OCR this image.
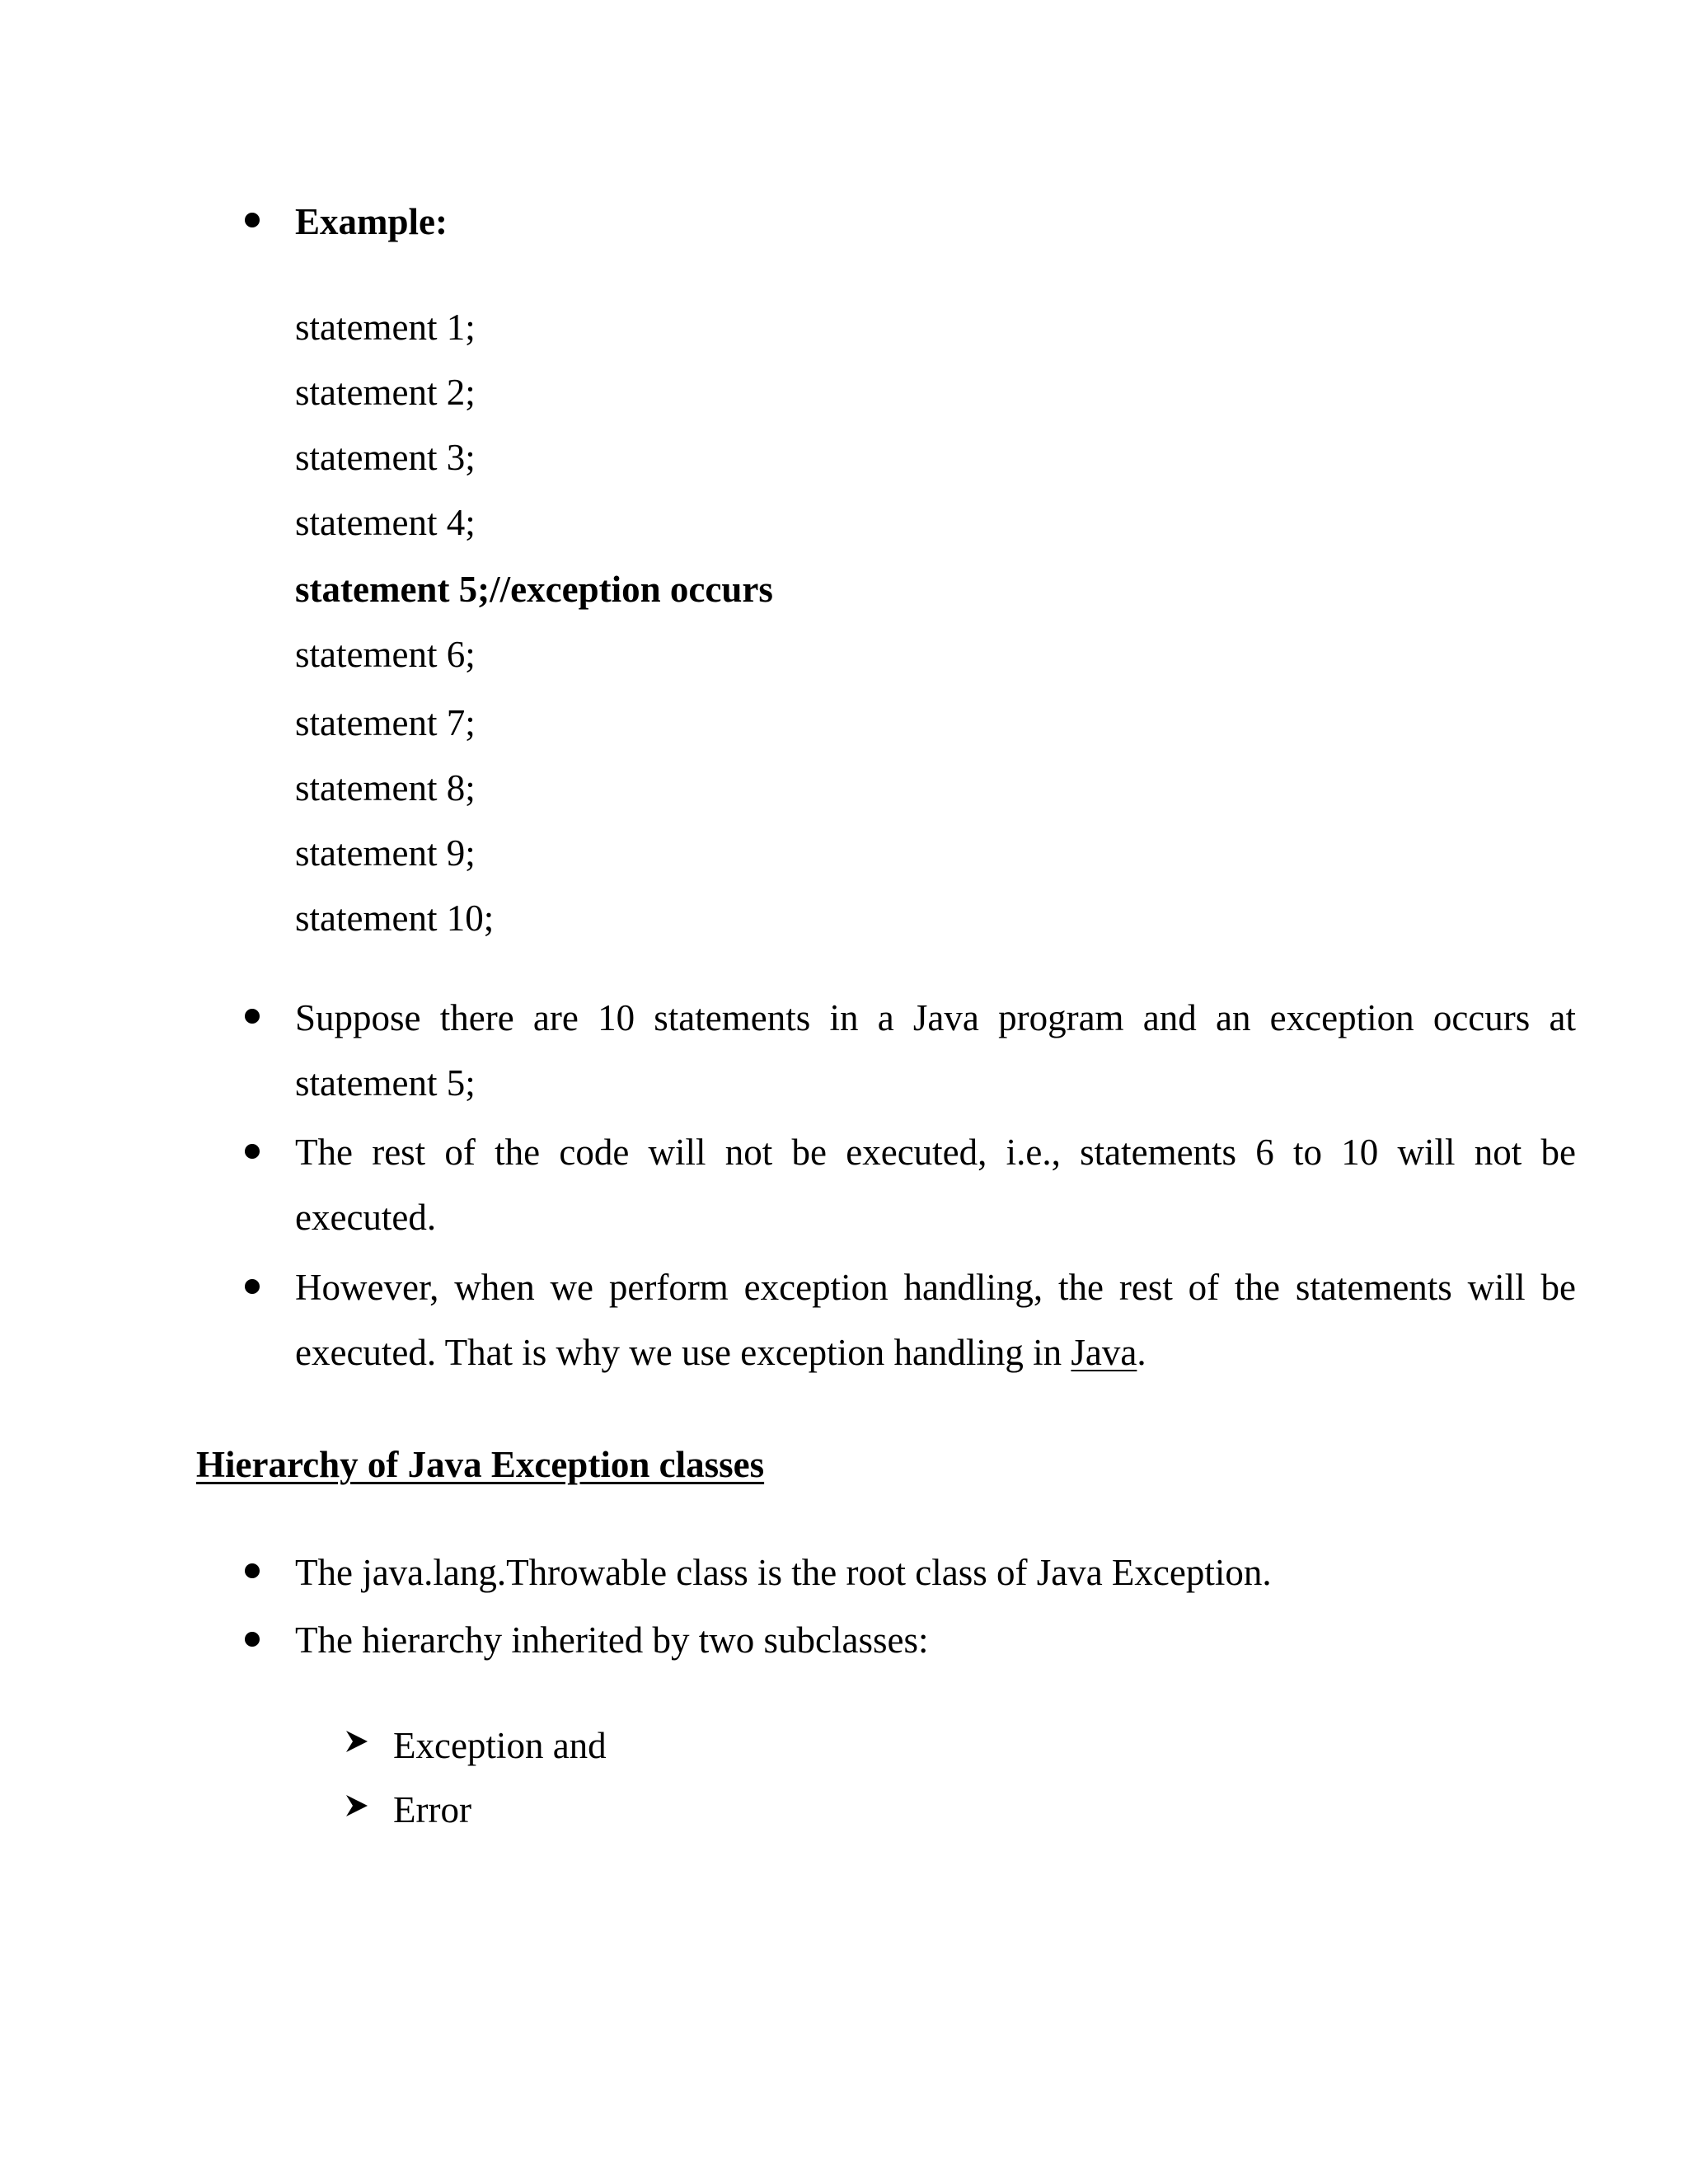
Example:
statement 1;
statement 2;
statement 3;
statement 4;
statement 5;//exception occurs
statement 6;
statement 7;
statement 8;
statement 9;
statement 10;
Suppose there are 10 statements in a Java program and an exception occurs at
statement 5;
The rest of the code will not be executed, i.e., statements 6 to 10 will not be
executed.
However, when we perform exception handling, the rest of the statements will be
executed. That is why we use exception handling in Java.
Hierarchy of Java Exception classes
The java.lang.Throwable class is the root class of Java Exception.
The hierarchy inherited by two subclasses:
Exception and
Error
